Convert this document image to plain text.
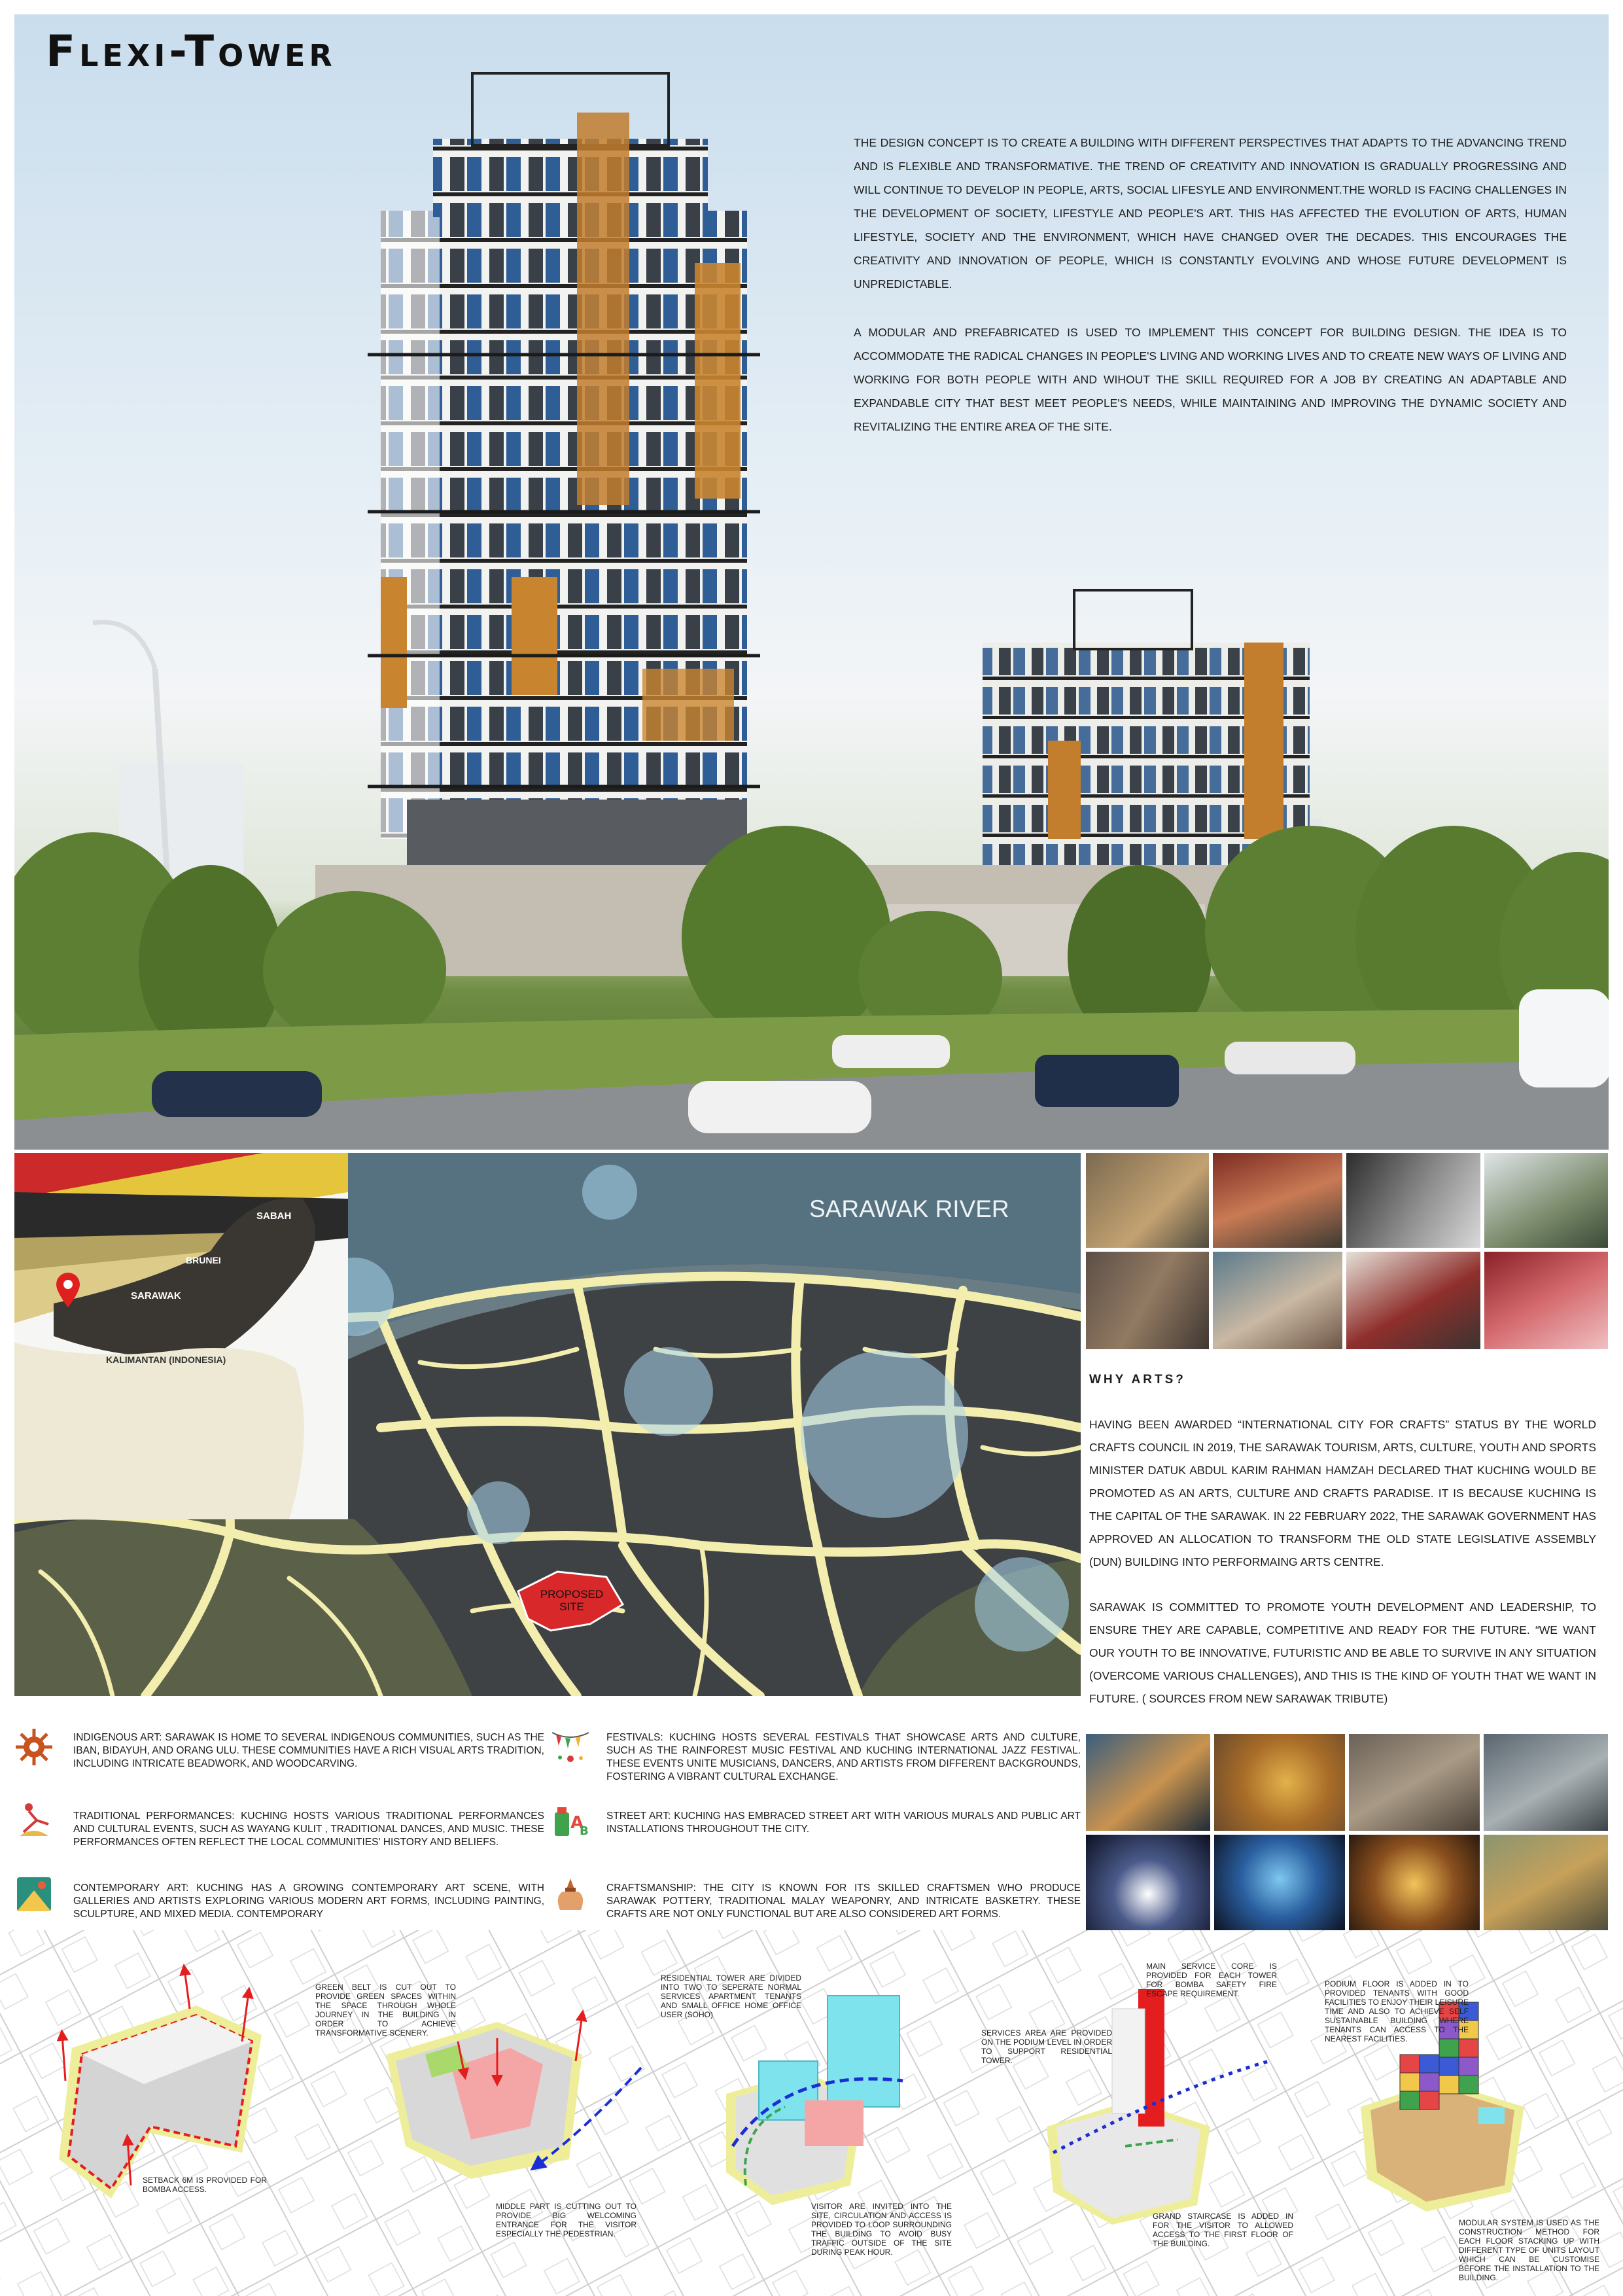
Flexi-Tower

THE DESIGN CONCEPT IS TO CREATE A BUILDING WITH DIFFERENT PERSPECTIVES THAT ADAPTS TO THE ADVANCING TREND AND IS FLEXIBLE AND TRANSFORMATIVE. THE TREND OF CREATIVITY AND INNOVATION IS GRADUALLY PROGRESSING AND WILL CONTINUE TO DEVELOP IN PEOPLE, ARTS, SOCIAL LIFESYLE AND ENVIRONMENT.THE WORLD IS FACING CHALLENGES IN THE DEVELOPMENT OF SOCIETY, LIFESTYLE AND PEOPLE'S ART. THIS HAS AFFECTED THE EVOLUTION OF ARTS, HUMAN LIFESTYLE, SOCIETY AND THE ENVIRONMENT, WHICH HAVE CHANGED OVER THE DECADES. THIS ENCOURAGES THE CREATIVITY AND INNOVATION OF PEOPLE, WHICH IS CONSTANTLY EVOLVING AND WHOSE FUTURE DEVELOPMENT IS UNPREDICTABLE.

A MODULAR AND PREFABRICATED IS USED TO IMPLEMENT THIS CONCEPT FOR BUILDING DESIGN. THE IDEA IS TO ACCOMMODATE THE RADICAL CHANGES IN PEOPLE'S LIVING AND WORKING LIVES AND TO CREATE NEW WAYS OF LIVING AND WORKING FOR BOTH PEOPLE WITH AND WIHOUT THE SKILL REQUIRED FOR A JOB BY CREATING AN ADAPTABLE AND EXPANDABLE CITY THAT BEST MEET PEOPLE'S NEEDS, WHILE MAINTAINING AND IMPROVING THE DYNAMIC SOCIETY AND REVITALIZING THE ENTIRE AREA OF THE SITE.

SARAWAK RIVER
PROPOSED
SITE
SABAH
BRUNEI
SARAWAK
KALIMANTAN (INDONESIA)
WHY ARTS?

HAVING BEEN AWARDED “INTERNATIONAL CITY FOR CRAFTS” STATUS BY THE WORLD CRAFTS COUNCIL IN 2019, THE SARAWAK TOURISM, ARTS, CULTURE, YOUTH AND SPORTS MINISTER DATUK ABDUL KARIM RAHMAN HAMZAH DECLARED THAT KUCHING WOULD BE PROMOTED AS AN ARTS, CULTURE AND CRAFTS PARADISE. IT IS BECAUSE KUCHING IS THE CAPITAL OF THE SARAWAK. IN 22 FEBRUARY 2022, THE SARAWAK GOVERNMENT HAS APPROVED AN ALLOCATION TO TRANSFORM THE OLD STATE LEGISLATIVE ASSEMBLY (DUN) BUILDING INTO PERFORMAING ARTS CENTRE.

SARAWAK IS COMMITTED TO PROMOTE YOUTH DEVELOPMENT AND LEADERSHIP, TO ENSURE THEY ARE CAPABLE, COMPETITIVE AND READY FOR THE FUTURE. “WE WANT OUR YOUTH TO BE INNOVATIVE, FUTURISTIC AND BE ABLE TO SURVIVE IN ANY SITUATION (OVERCOME VARIOUS CHALLENGES), AND THIS IS THE KIND OF YOUTH THAT WE WANT IN FUTURE. ( SOURCES FROM NEW SARAWAK TRIBUTE)

INDIGENOUS ART: SARAWAK IS HOME TO SEVERAL INDIGENOUS COMMUNITIES, SUCH AS THE IBAN, BIDAYUH, AND ORANG ULU. THESE COMMUNITIES HAVE A RICH VISUAL ARTS TRADITION, INCLUDING INTRICATE BEADWORK, AND WOODCARVING.
TRADITIONAL PERFORMANCES: KUCHING HOSTS VARIOUS TRADITIONAL PERFORMANCES AND CULTURAL EVENTS, SUCH AS WAYANG KULIT , TRADITIONAL DANCES, AND MUSIC. THESE PERFORMANCES OFTEN REFLECT THE LOCAL COMMUNITIES' HISTORY AND BELIEFS.
CONTEMPORARY ART: KUCHING HAS A GROWING CONTEMPORARY ART SCENE, WITH GALLERIES AND ARTISTS EXPLORING VARIOUS MODERN ART FORMS, INCLUDING PAINTING, SCULPTURE, AND MIXED MEDIA. CONTEMPORARY
FESTIVALS: KUCHING HOSTS SEVERAL FESTIVALS THAT SHOWCASE ARTS AND CULTURE, SUCH AS THE RAINFOREST MUSIC FESTIVAL AND KUCHING INTERNATIONAL JAZZ FESTIVAL. THESE EVENTS UNITE MUSICIANS, DANCERS, AND ARTISTS FROM DIFFERENT BACKGROUNDS, FOSTERING A VIBRANT CULTURAL EXCHANGE.
A
B
STREET ART: KUCHING HAS EMBRACED STREET ART WITH VARIOUS MURALS AND PUBLIC ART INSTALLATIONS THROUGHOUT THE CITY.
CRAFTSMANSHIP: THE CITY IS KNOWN FOR ITS SKILLED CRAFTSMEN WHO PRODUCE SARAWAK POTTERY, TRADITIONAL MALAY WEAPONRY, AND INTRICATE BASKETRY. THESE CRAFTS ARE NOT ONLY FUNCTIONAL BUT ARE ALSO CONSIDERED ART FORMS.
SETBACK 6M IS PROVIDED FOR BOMBA ACCESS.
GREEN BELT IS CUT OUT TO PROVIDE GREEN SPACES WITHIN THE SPACE THROUGH WHOLE JOURNEY IN THE BUILDING IN ORDER TO ACHIEVE TRANSFORMATIVE SCENERY.
MIDDLE PART IS CUTTING OUT TO PROVIDE BIG WELCOMING ENTRANCE FOR THE VISITOR ESPECIALLY THE PEDESTRIAN.
RESIDENTIAL TOWER ARE DIVIDED INTO TWO TO SEPERATE NORMAL SERVICES APARTMENT TENANTS AND SMALL OFFICE HOME OFFICE USER (SOHO)
VISITOR ARE INVITED INTO THE SITE, CIRCULATION AND ACCESS IS PROVIDED TO LOOP SURROUNDING THE BUILDING TO AVOID BUSY TRAFFIC OUTSIDE OF THE SITE DURING PEAK HOUR.
MAIN SERVICE CORE IS PROVIDED FOR EACH TOWER FOR BOMBA SAFETY FIRE ESCAPE REQUIREMENT.
SERVICES AREA ARE PROVIDED ON THE PODIUM LEVEL IN ORDER TO SUPPORT RESIDENTIAL TOWER.
GRAND STAIRCASE IS ADDED IN FOR THE VISITOR TO ALLOWED ACCESS TO THE FIRST FLOOR OF THE BUILDING.
PODIUM FLOOR IS ADDED IN TO PROVIDED TENANTS WITH GOOD FACILITIES TO ENJOY THEIR LEISURE TIME AND ALSO TO ACHIEVE SELF SUSTAINABLE BUILDING WHERE TENANTS CAN ACCESS TO THE NEAREST FACILITIES.
MODULAR SYSTEM IS USED AS THE CONSTRUCTION METHOD FOR EACH FLOOR STACKING UP WITH DIFFERENT TYPE OF UNITS LAYOUT WHICH CAN BE CUSTOMISE BEFORE THE INSTALLATION TO THE BUILDING.
